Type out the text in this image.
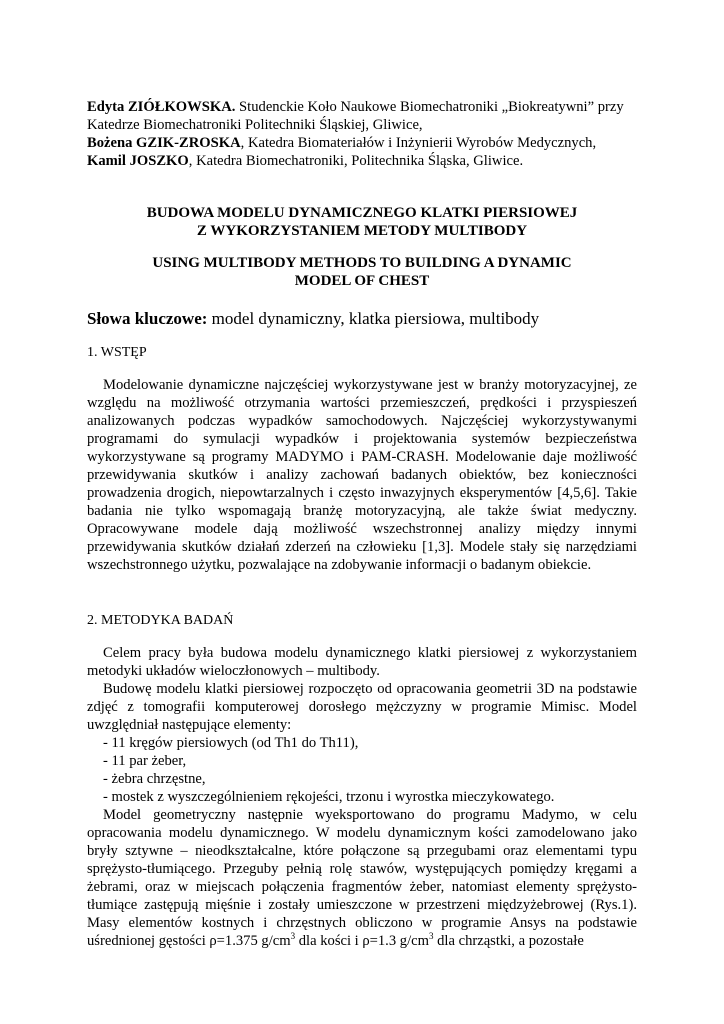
Edyta ZIÓŁKOWSKA. Studenckie Koło Naukowe Biomechatroniki „Biokreatywni” przy Katedrze Biomechatroniki Politechniki Śląskiej, Gliwice,

Bożena GZIK-ZROSKA, Katedra Biomateriałów i Inżynierii Wyrobów Medycznych,

Kamil JOSZKO, Katedra Biomechatroniki, Politechnika Śląska, Gliwice.

BUDOWA MODELU DYNAMICZNEGO KLATKI PIERSIOWEJ
Z WYKORZYSTANIEM METODY MULTIBODY
USING MULTIBODY METHODS TO BUILDING A DYNAMIC
MODEL OF CHEST

Słowa kluczowe: model dynamiczny, klatka piersiowa, multibody

1. WSTĘP

Modelowanie dynamiczne najczęściej wykorzystywane jest w branży motoryzacyjnej, ze względu na możliwość otrzymania wartości przemieszczeń, prędkości i przyspieszeń analizowanych podczas wypadków samochodowych. Najczęściej wykorzystywanymi programami do symulacji wypadków i projektowania systemów bezpieczeństwa wykorzystywane są programy MADYMO i PAM-CRASH. Modelowanie daje możliwość przewidywania skutków i analizy zachowań badanych obiektów, bez konieczności prowadzenia drogich, niepowtarzalnych i często inwazyjnych eksperymentów [4,5,6]. Takie badania nie tylko wspomagają branżę motoryzacyjną, ale także świat medyczny. Opracowywane modele dają możliwość wszechstronnej analizy między innymi przewidywania skutków działań zderzeń na człowieku [1,3]. Modele stały się narzędziami wszechstronnego użytku, pozwalające na zdobywanie informacji o badanym obiekcie.

2. METODYKA BADAŃ

Celem pracy była budowa modelu dynamicznego klatki piersiowej z wykorzystaniem metodyki układów wieloczłonowych – multibody.

Budowę modelu klatki piersiowej rozpoczęto od opracowania geometrii 3D na podstawie zdjęć z tomografii komputerowej dorosłego mężczyzny w programie Mimisc. Model uwzględniał następujące elementy:

- 11 kręgów piersiowych (od Th1 do Th11),

- 11 par żeber,

- żebra chrzęstne,

- mostek z wyszczególnieniem rękojeści, trzonu i wyrostka mieczykowatego.

Model geometryczny następnie wyeksportowano do programu Madymo, w celu opracowania modelu dynamicznego. W modelu dynamicznym kości zamodelowano jako bryły sztywne – nieodkształcalne, które połączone są przegubami oraz elementami typu sprężysto-tłumiącego. Przeguby pełnią rolę stawów, występujących pomiędzy kręgami a żebrami, oraz w miejscach połączenia fragmentów żeber, natomiast elementy sprężysto-tłumiące zastępują mięśnie i zostały umieszczone w przestrzeni międzyżebrowej (Rys.1). Masy elementów kostnych i chrzęstnych obliczono w programie Ansys na podstawie uśrednionej gęstości ρ=1.375 $g/cm^3$ dla kości i ρ=1.3 $g/cm^3$ dla chrząstki, a pozostałe
